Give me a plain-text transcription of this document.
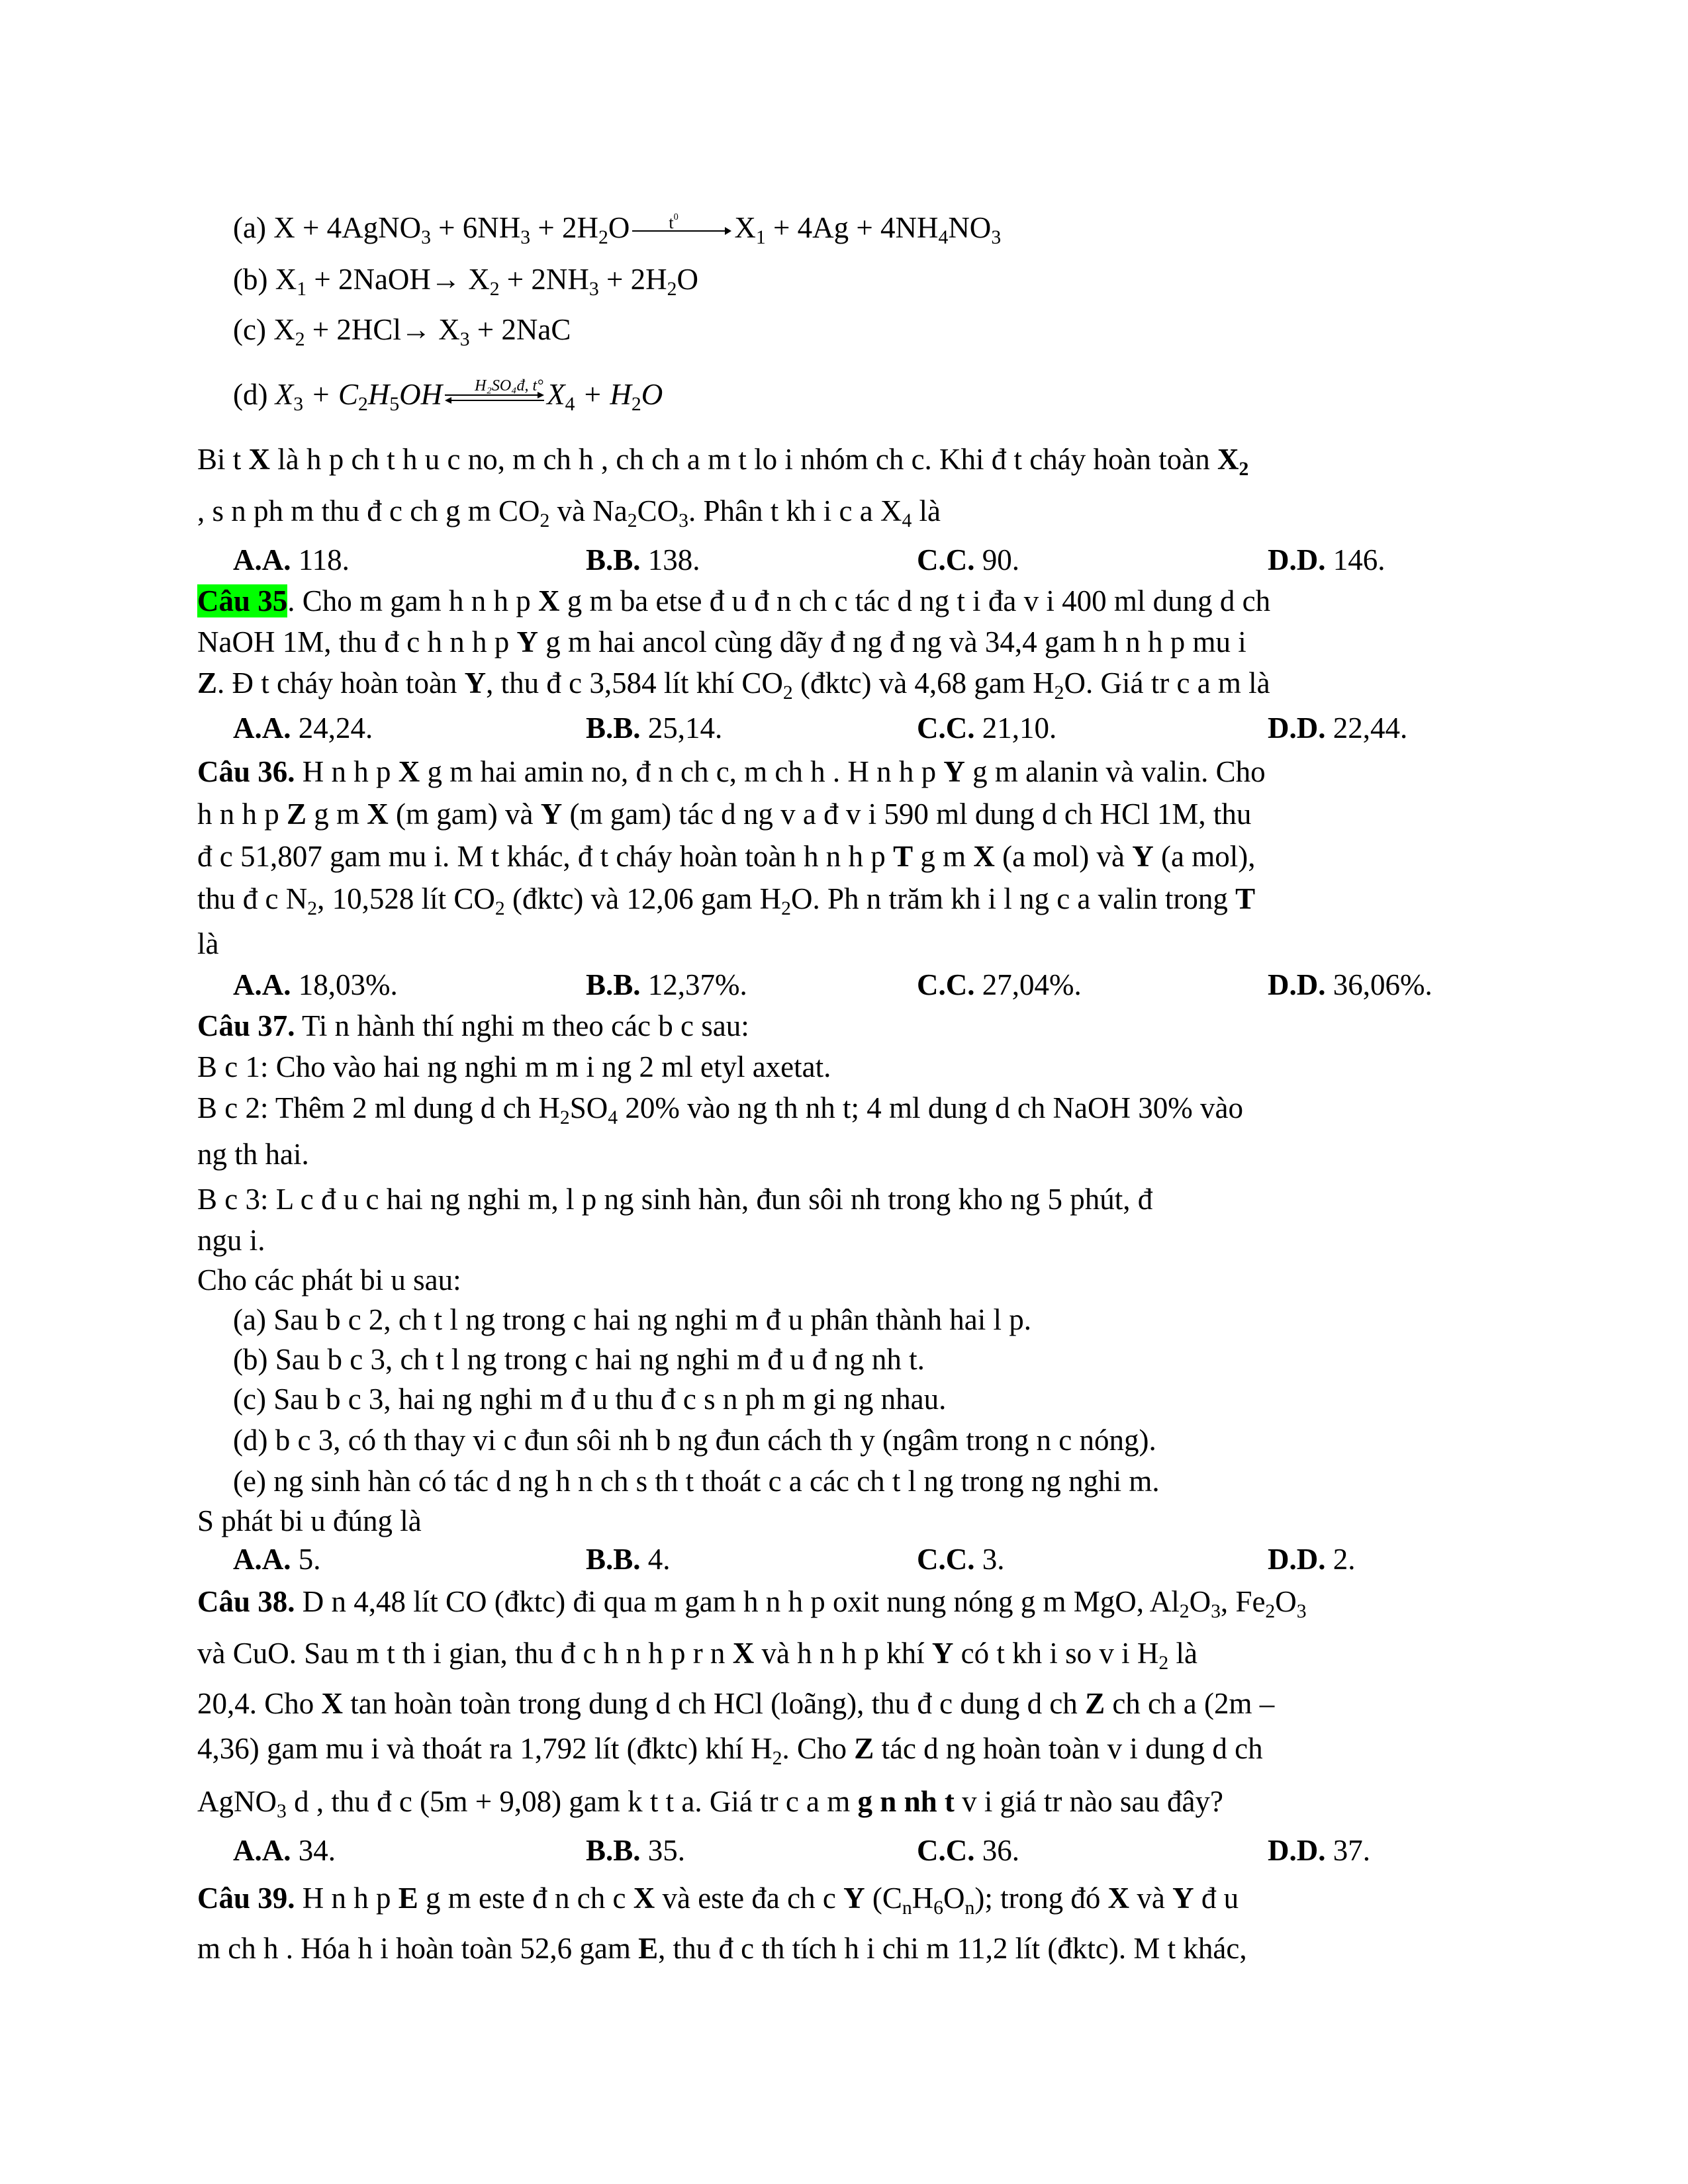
(a) X + 4AgNO$_3$ + $6NH_3 + 2H_2O$ $t^0$ $X_1 + 4Ag + 4NH_4NO_3$
(b) $X_1$ + 2NaOH→ $X_2 + 2NH_3 + 2H_2O$
(c) $X_2 + 2HCl\to X_3 + 2NaC$
(d) $X_3 + C_2H_5OH$ H₂SO₄đ, t° $X_4 + H_2O$
Bi t X là h p ch t h u c no, m ch h , ch ch a m t lo i nhóm ch c. Khi đ t cháy hoàn toàn $X_2$
, s n ph m thu đ c ch g m $CO_2$ và $Na_2CO_3$. Phân t kh i c a $X_4$ là
A.A. 118.	B.B. 138.	C.C. 90.	D.D. 146.
Câu 35. Cho m gam h n h p X g m ba etse đ u đ n ch c tác d ng t i đa v i 400 ml dung d ch
NaOH 1M, thu đ c h n h p Y g m hai ancol cùng dãy đ ng đ ng và 34,4 gam h n h p mu i
Z. Đ t cháy hoàn toàn Y, thu đ c 3,584 lít khí $CO_2$ (đktc) và 4,68 gam $H_2O$. Giá tr c a m là
A.A. 24,24.	B.B. 25,14.	C.C. 21,10.	D.D. 22,44.
Câu 36. H n h p X g m hai amin no, đ n ch c, m ch h . H n h p Y g m alanin và valin. Cho
h n h p Z g m X (m gam) và Y (m gam) tác d ng v a đ v i 590 ml dung d ch HCl 1M, thu
đ c 51,807 gam mu i. M t khác, đ t cháy hoàn toàn h n h p T g m X (a mol) và Y (a mol),
thu đ c $N_2$, 10,528 lít $CO_2$ (đktc) và 12,06 gam $H_2O$. Ph n trăm kh i l ng c a valin trong T
là
A.A. 18,03%.	B.B. 12,37%.	C.C. 27,04%.	D.D. 36,06%.
Câu 37. Ti n hành thí nghi m theo các b c sau:
B c 1: Cho vào hai ng nghi m m i ng 2 ml etyl axetat.
B c 2: Thêm 2 ml dung d ch $H_2SO_4$ 20% vào ng th nh t; 4 ml dung d ch NaOH 30% vào
ng th hai.
B c 3: L c đ u c hai ng nghi m, l p ng sinh hàn, đun sôi nh trong kho ng 5 phút, đ
ngu i.
Cho các phát bi u sau:
(a) Sau b c 2, ch t l ng trong c hai ng nghi m đ u phân thành hai l p.
(b) Sau b c 3, ch t l ng trong c hai ng nghi m đ u đ ng nh t.
(c) Sau b c 3, hai ng nghi m đ u thu đ c s n ph m gi ng nhau.
(d) b c 3, có th thay vi c đun sôi nh b ng đun cách th y (ngâm trong n c nóng).
(e) ng sinh hàn có tác d ng h n ch s th t thoát c a các ch t l ng trong ng nghi m.
S phát bi u đúng là
A.A. 5.	B.B. 4.	C.C. 3.	D.D. 2.
Câu 38. D n 4,48 lít CO (đktc) đi qua m gam h n h p oxit nung nóng g m MgO, $Al_2O_3$, $Fe_2O_3$
và CuO. Sau m t th i gian, thu đ c h n h p r n X và h n h p khí Y có t kh i so v i $H_2$ là
20,4. Cho X tan hoàn toàn trong dung d ch HCl (loãng), thu đ c dung d ch Z ch ch a (2m –
4,36) gam mu i và thoát ra 1,792 lít (đktc) khí $H_2$. Cho Z tác d ng hoàn toàn v i dung d ch
AgNO$_3$ d , thu đ c (5m + 9,08) gam k t t a. Giá tr c a m g n nh t v i giá tr nào sau đây?
A.A. 34.	B.B. 35.	C.C. 36.	D.D. 37.
Câu 39. H n h p E g m este đ n ch c X và este đa ch c Y $(C_nH_6O_n)$; trong đó X và Y đ u
m ch h . Hóa h i hoàn toàn 52,6 gam E, thu đ c th tích h i chi m 11,2 lít (đktc). M t khác,
